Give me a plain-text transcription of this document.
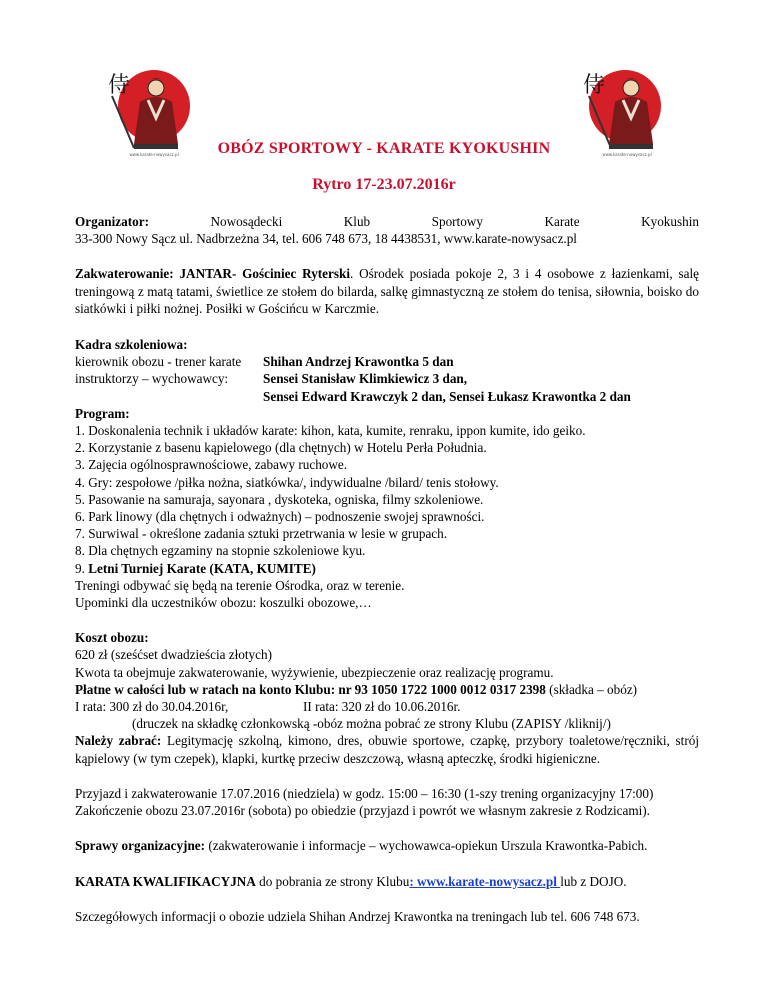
侍
www.karate-nowysacz.pl
侍
www.karate-nowysacz.pl
OBÓZ SPORTOWY - KARATE KYOKUSHIN
Rytro 17-23.07.2016r
Organizator:	Nowosądecki	Klub	Sportowy	Karate	Kyokushin
33-300 Nowy Sącz ul. Nadbrzeżna 34, tel. 606 748 673, 18 4438531, www.karate-nowysacz.pl

Zakwaterowanie: JANTAR- Gościniec Ryterski. Ośrodek posiada pokoje 2, 3 i 4 osobowe z łazienkami, salę treningową z matą tatami, świetlice ze stołem do bilarda, salkę gimnastyczną ze stołem do tenisa, siłownia, boisko do siatkówki i piłki nożnej. Posiłki w Gościńcu w Karczmie.

Kadra szkoleniowa:
kierownik obozu - trener karate	Shihan Andrzej Krawontka 5 dan
instruktorzy – wychowawcy:	Sensei Stanisław Klimkiewicz 3 dan,
Sensei Edward Krawczyk 2 dan, Sensei Łukasz Krawontka 2 dan
Program:
1. Doskonalenia technik i układów karate: kihon, kata, kumite, renraku, ippon kumite, ido geiko.
2. Korzystanie z basenu kąpielowego (dla chętnych) w Hotelu Perła Południa.
3. Zajęcia ogólnosprawnościowe, zabawy ruchowe.
4. Gry: zespołowe /piłka nożna, siatkówka/, indywidualne /bilard/ tenis stołowy.
5. Pasowanie na samuraja, sayonara , dyskoteka, ogniska, filmy szkoleniowe.
6. Park linowy (dla chętnych i odważnych) – podnoszenie swojej sprawności.
7. Surwiwal - określone zadania sztuki przetrwania w lesie w grupach.
8. Dla chętnych egzaminy na stopnie szkoleniowe kyu.
9. Letni Turniej Karate (KATA, KUMITE)
Treningi odbywać się będą na terenie Ośrodka, oraz w terenie.
Upominki dla uczestników obozu: koszulki obozowe,…
Koszt obozu:
620 zł (sześćset dwadzieścia złotych)
Kwota ta obejmuje zakwaterowanie, wyżywienie, ubezpieczenie oraz realizację programu.
Płatne w całości lub w ratach na konto Klubu: nr 93 1050 1722 1000 0012 0317 2398 (składka – obóz)
I rata: 300 zł do 30.04.2016r,	II rata: 320 zł do 10.06.2016r.
(druczek na składkę członkowską -obóz można pobrać ze strony Klubu (ZAPISY /kliknij/)

Należy zabrać: Legitymację szkolną, kimono, dres, obuwie sportowe, czapkę, przybory toaletowe/ręczniki, strój kąpielowy (w tym czepek), klapki, kurtkę przeciw deszczową, własną apteczkę, środki higieniczne.

Przyjazd i zakwaterowanie 17.07.2016 (niedziela) w godz. 15:00 – 16:30 (1-szy trening organizacyjny 17:00)
Zakończenie obozu 23.07.2016r (sobota) po obiedzie (przyjazd i powrót we własnym zakresie z Rodzicami).
Sprawy organizacyjne: (zakwaterowanie i informacje – wychowawca-opiekun Urszula Krawontka-Pabich.
KARATA KWALIFIKACYJNA do pobrania ze strony Klubu: www.karate-nowysacz.pl lub z DOJO.
Szczegółowych informacji o obozie udziela Shihan Andrzej Krawontka na treningach lub tel. 606 748 673.
